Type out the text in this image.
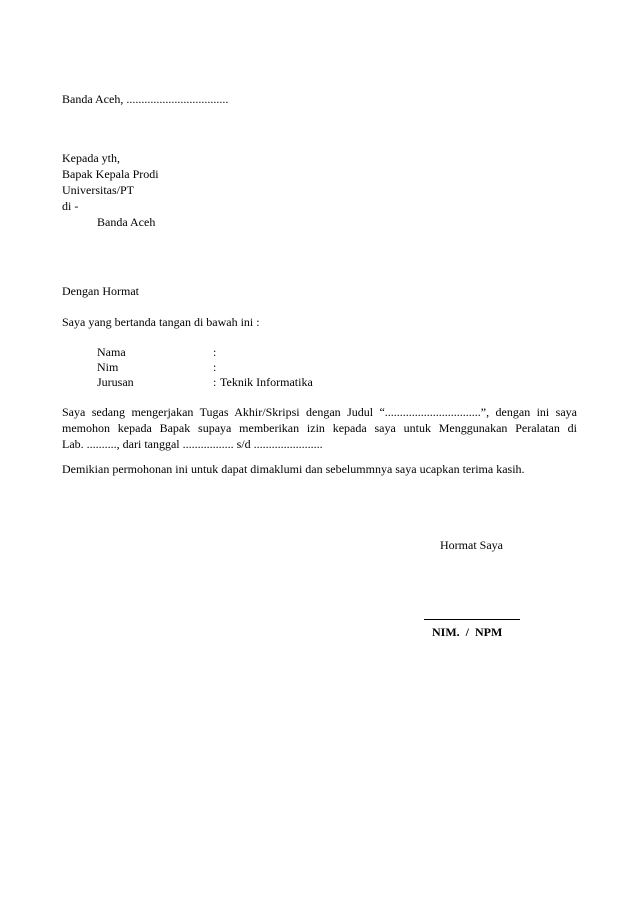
Banda Aceh, ..................................
Kepada yth,
Bapak Kepala Prodi
Universitas/PT
di -
Banda Aceh
Dengan Hormat
Saya yang bertanda tangan di bawah ini :
Nama	:
Nim	:
Jurusan	: Teknik Informatika
Saya sedang mengerjakan Tugas Akhir/Skripsi dengan Judul “................................”, dengan ini saya
memohon kepada Bapak supaya memberikan izin kepada saya untuk Menggunakan Peralatan di
Lab. .........., dari tanggal ................. s/d .......................
Demikian permohonan ini untuk dapat dimaklumi dan sebelummnya saya ucapkan terima kasih.
Hormat Saya
NIM.  /  NPM
